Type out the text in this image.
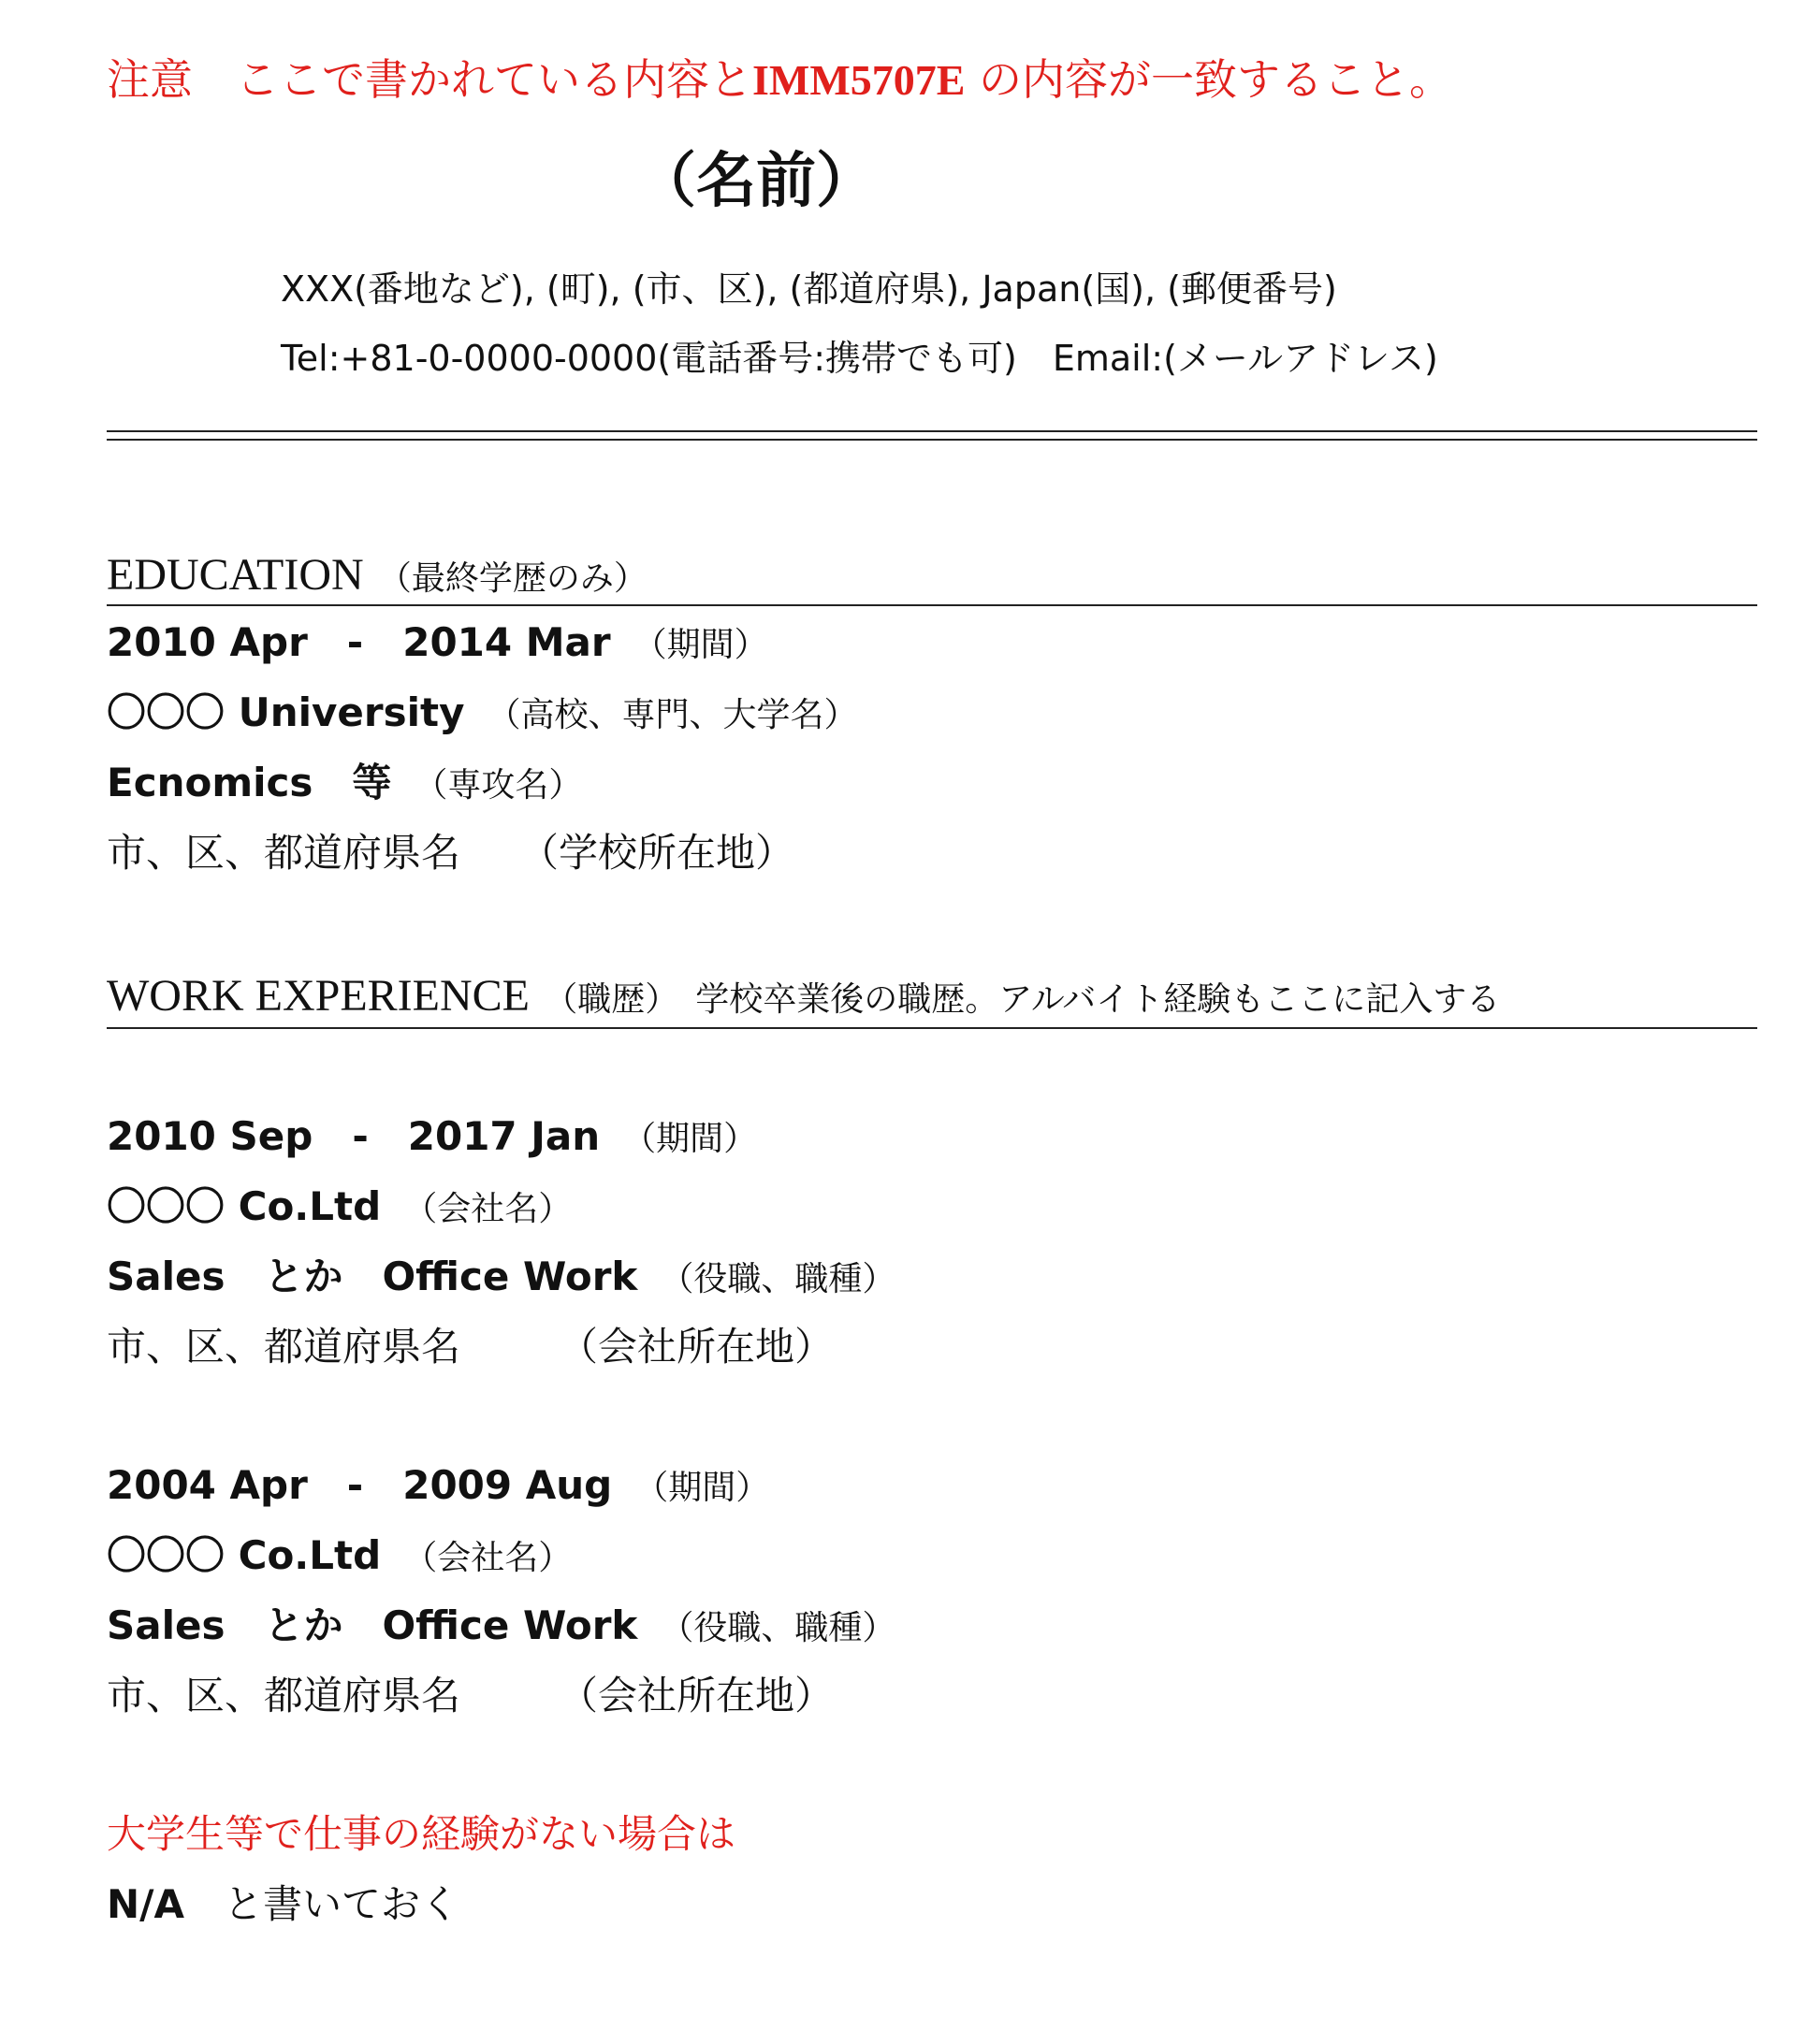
注意　ここで書かれている内容とIMM5707E の内容が一致すること。
（名前）
XXX(番地など), (町), (市、区), (都道府県), Japan(国), (郵便番号)
Tel:+81-0-0000-0000(電話番号:携帯でも可)　Email:(メールアドレス)
EDUCATION （最終学歴のみ）
2010 Apr　-　2014 Mar　 （期間）
〇〇〇 University　 （高校、専門、大学名）
Ecnomics　等　 （専攻名）
市、区、都道府県名　　 （学校所在地）
WORK EXPERIENCE （職歴）　学校卒業後の職歴。アルバイト経験もここに記入する
2010 Sep　-　2017 Jan　 （期間）
〇〇〇 Co.Ltd　 （会社名）
Sales　とか　Office Work　 （役職、職種）
市、区、都道府県名　　　	（会社所在地）
2004 Apr　-　2009 Aug　 （期間）
〇〇〇 Co.Ltd　 （会社名）
Sales　とか　Office Work　 （役職、職種）
市、区、都道府県名　　　	（会社所在地）
大学生等で仕事の経験がない場合は
N/A　 と書いておく
